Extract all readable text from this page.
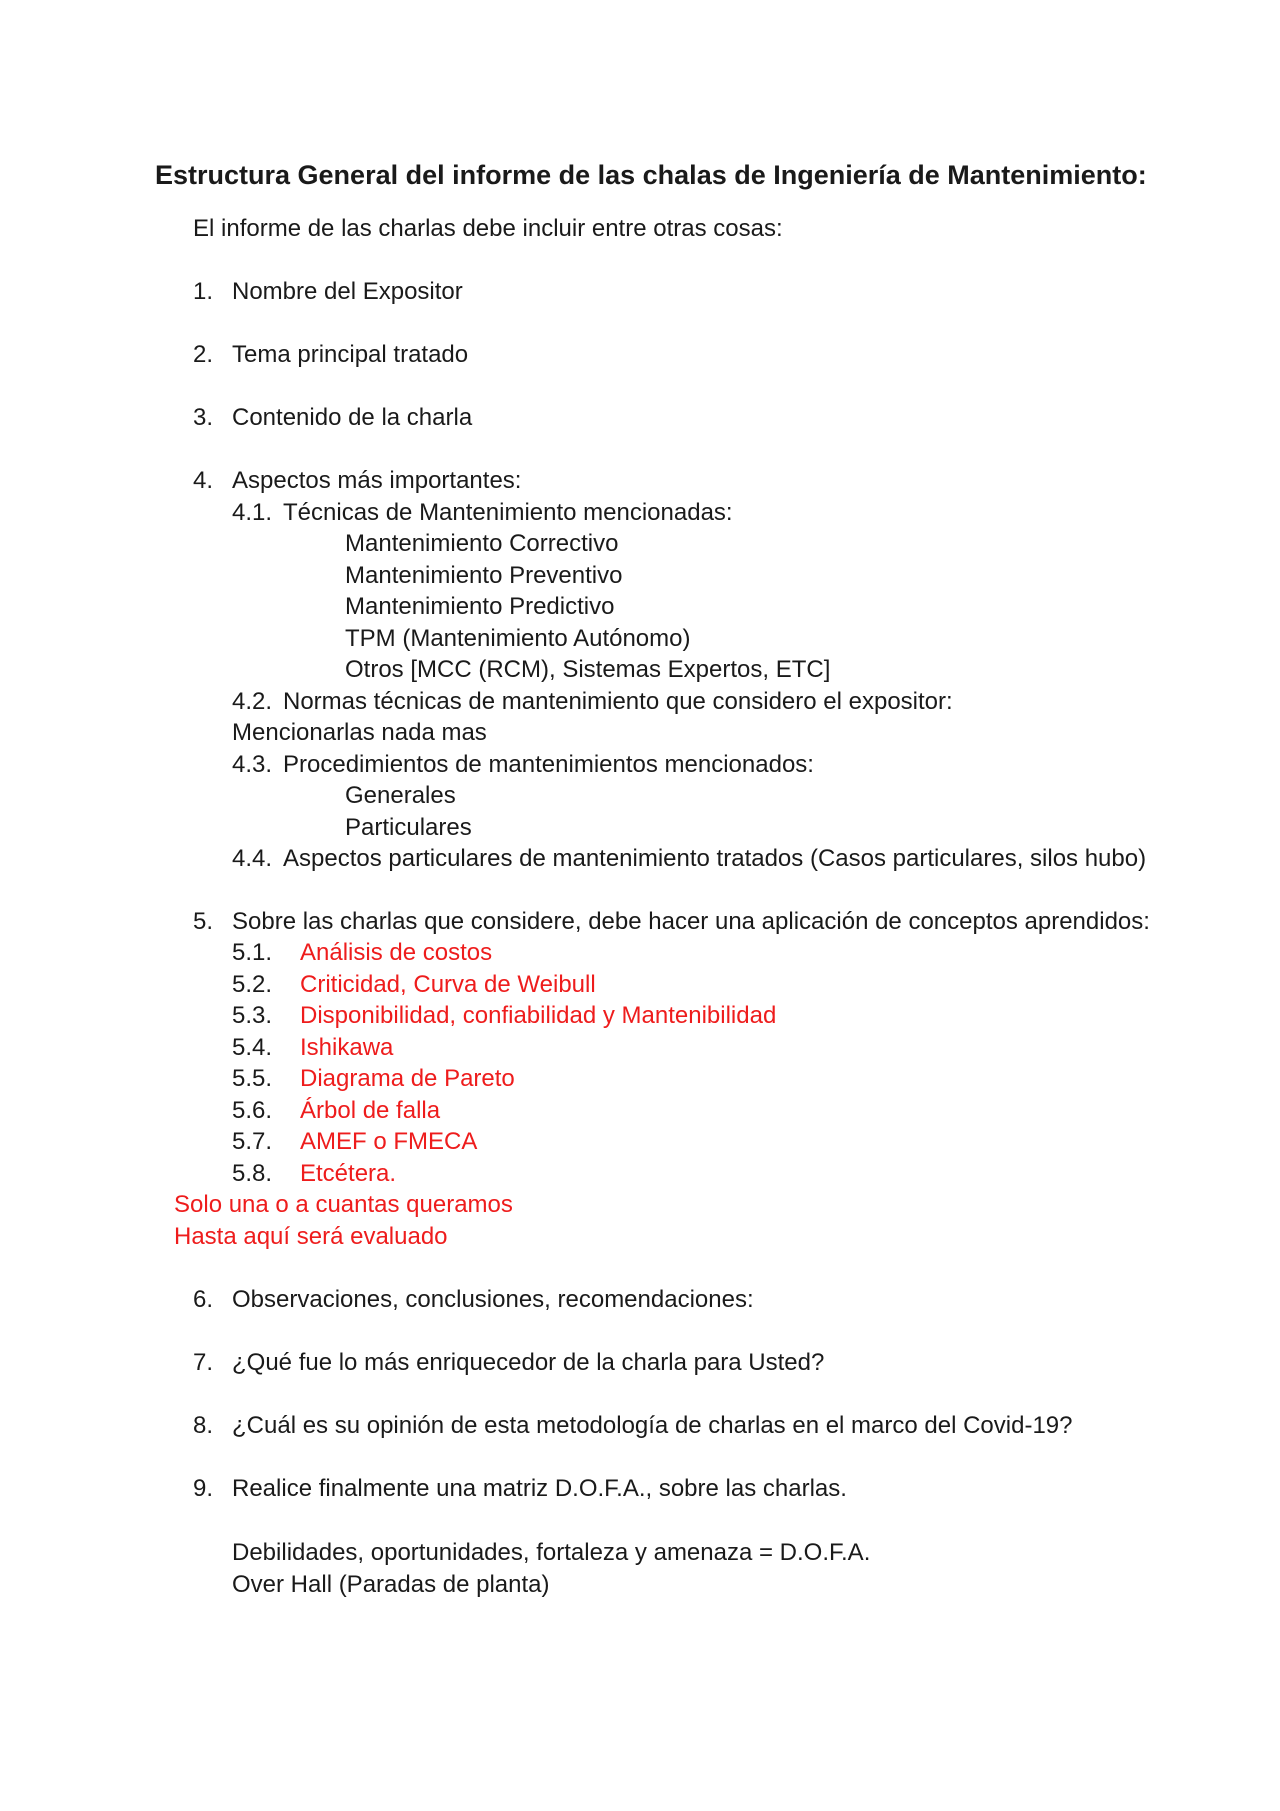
Estructura General del informe de las chalas de Ingeniería de Mantenimiento:
El informe de las charlas debe incluir entre otras cosas:
1. Nombre del Expositor
2. Tema principal tratado
3. Contenido de la charla
4. Aspectos más importantes:
4.1. Técnicas de Mantenimiento mencionadas:
Mantenimiento Correctivo
Mantenimiento Preventivo
Mantenimiento Predictivo
TPM (Mantenimiento Autónomo)
Otros [MCC (RCM), Sistemas Expertos, ETC]
4.2. Normas técnicas de mantenimiento que considero el expositor:
Mencionarlas nada mas
4.3. Procedimientos de mantenimientos mencionados:
Generales
Particulares
4.4. Aspectos particulares de mantenimiento tratados (Casos particulares, silos hubo)
5. Sobre las charlas que considere, debe hacer una aplicación de conceptos aprendidos:
5.1. Análisis de costos
5.2. Criticidad, Curva de Weibull
5.3. Disponibilidad, confiabilidad y Mantenibilidad
5.4. Ishikawa
5.5. Diagrama de Pareto
5.6. Árbol de falla
5.7. AMEF o FMECA
5.8. Etcétera.
Solo una o a cuantas queramos
Hasta aquí será evaluado
6. Observaciones, conclusiones, recomendaciones:
7. ¿Qué fue lo más enriquecedor de la charla para Usted?
8. ¿Cuál es su opinión de esta metodología de charlas en el marco del Covid-19?
9. Realice finalmente una matriz D.O.F.A., sobre las charlas.
Debilidades, oportunidades, fortaleza y amenaza = D.O.F.A.
Over Hall (Paradas de planta)
